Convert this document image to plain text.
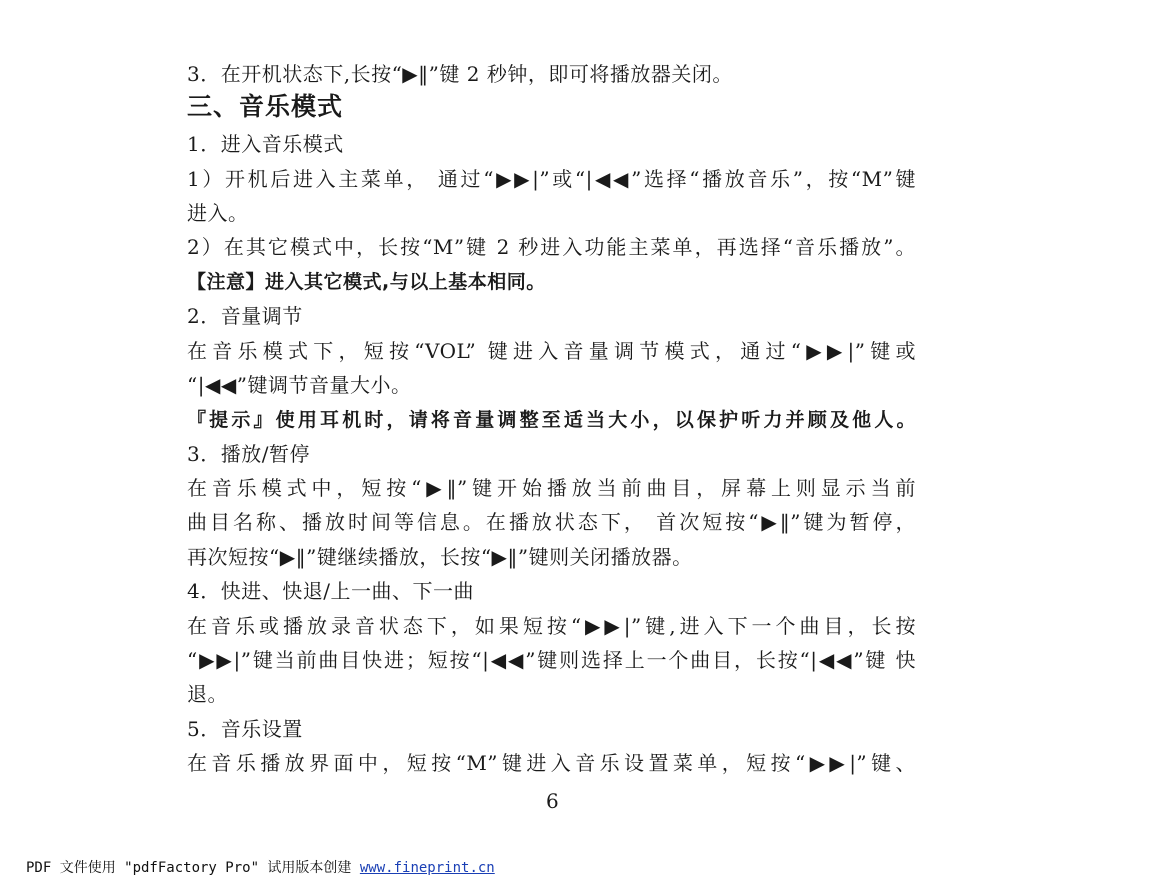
3．在开机状态下,长按“▶‖”键 2 秒钟，即可将播放器关闭。
三、音乐模式
1．进入音乐模式
1）开机后进入主菜单， 通过“▶▶|”或“|◀◀”选择“播放音乐”，按“M”键
进入。
2）在其它模式中，长按“M”键 2 秒进入功能主菜单，再选择“音乐播放”。
【注意】进入其它模式,与以上基本相同。
2．音量调节
在音乐模式下，短按“VOL” 键进入音量调节模式，通过“▶▶|”键或
“|◀◀”键调节音量大小。
『提示』使用耳机时，请将音量调整至适当大小，以保护听力并顾及他人。
3．播放/暂停
在音乐模式中，短按“▶‖”键开始播放当前曲目，屏幕上则显示当前
曲目名称、播放时间等信息。在播放状态下， 首次短按“▶‖”键为暂停，
再次短按“▶‖”键继续播放，长按“▶‖”键则关闭播放器。
4．快进、快退/上一曲、下一曲
在音乐或播放录音状态下，如果短按“▶▶|”键,进入下一个曲目，长按
“▶▶|”键当前曲目快进；短按“|◀◀”键则选择上一个曲目，长按“|◀◀”键 快
退。
5．音乐设置
在音乐播放界面中，短按“M”键进入音乐设置菜单，短按“▶▶|”键、
6
PDF 文件使用 "pdfFactory Pro" 试用版本创建 www.fineprint.cn
